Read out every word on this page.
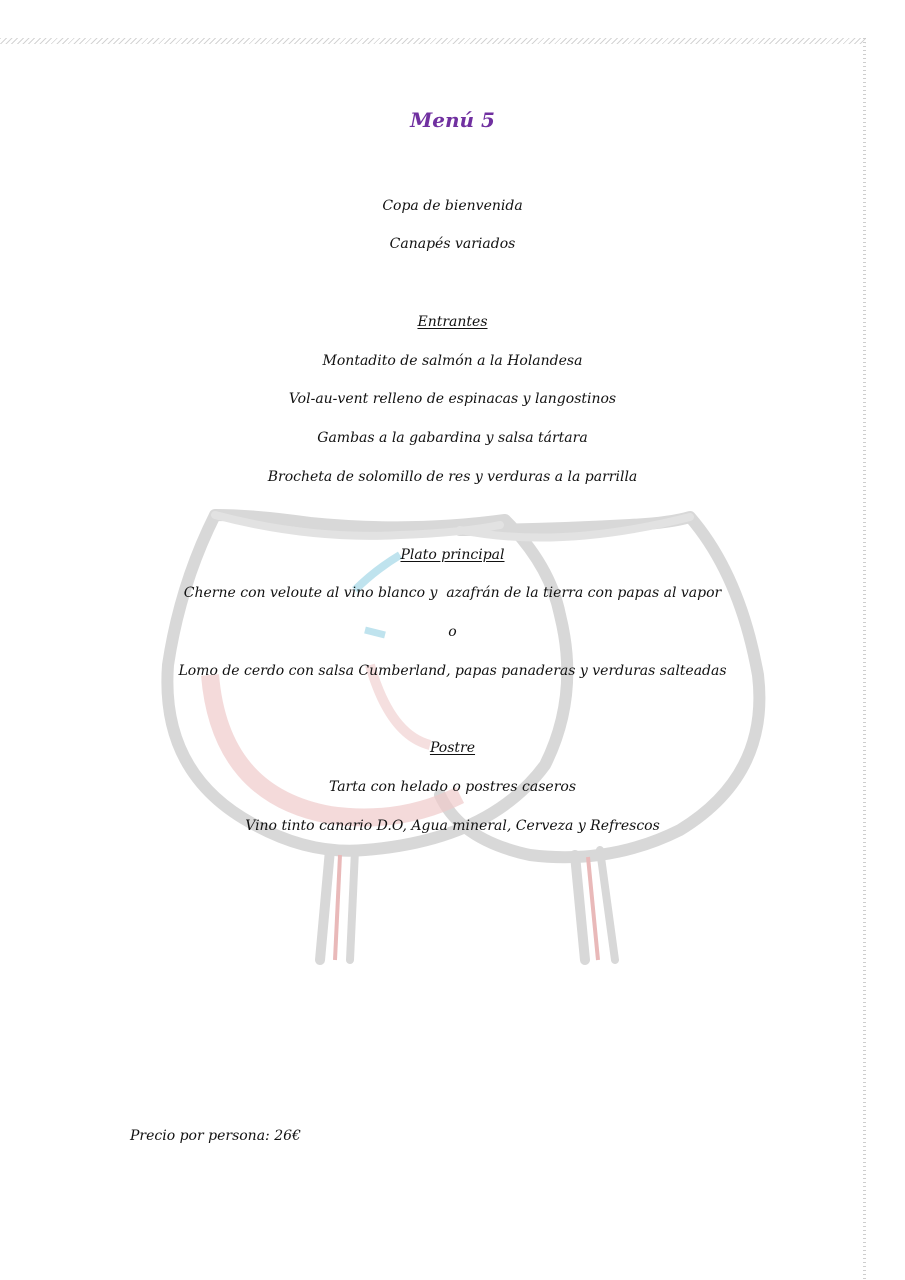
Menú 5
Copa de bienvenida
Canapés variados
Entrantes
Montadito de salmón a la Holandesa
Vol-au-vent relleno de espinacas y langostinos
Gambas a la gabardina y salsa tártara
Brocheta de solomillo de res y verduras a la parrilla
Plato principal
Cherne con veloute al vino blanco y  azafrán de la tierra con papas al vapor
o
Lomo de cerdo con salsa Cumberland, papas panaderas y verduras salteadas
Postre
Tarta con helado o postres caseros
Vino tinto canario D.O, Agua mineral, Cerveza y Refrescos
Precio por persona: 26€
